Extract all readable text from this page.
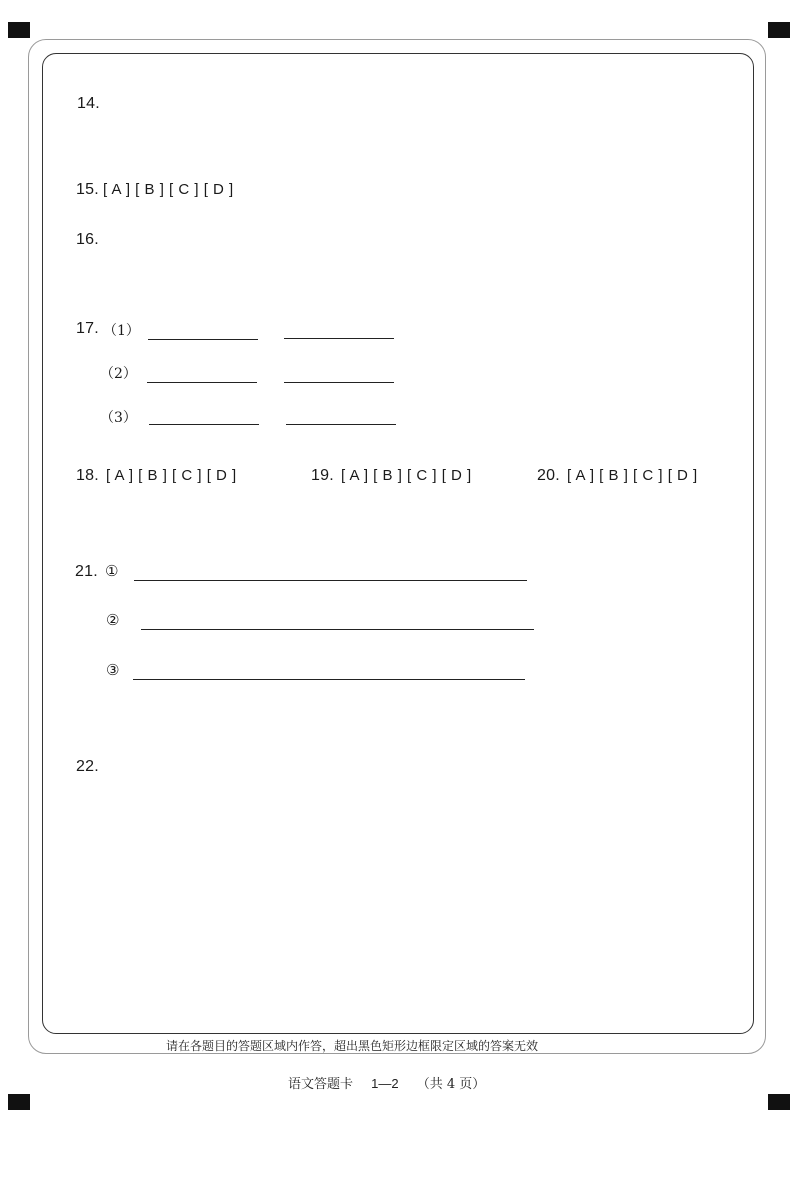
14.
15. [ A ] [ B ] [ C ] [ D ]
16.
17. （1）
（2）
（3）
18. [ A ] [ B ] [ C ] [ D ]	19. [ A ] [ B ] [ C ] [ D ]	20. [ A ] [ B ] [ C ] [ D ]
21. ①
②
③
22.
请在各题目的答题区域内作答，超出黑色矩形边框限定区域的答案无效
语文答题卡 1—2 （共 4 页）
